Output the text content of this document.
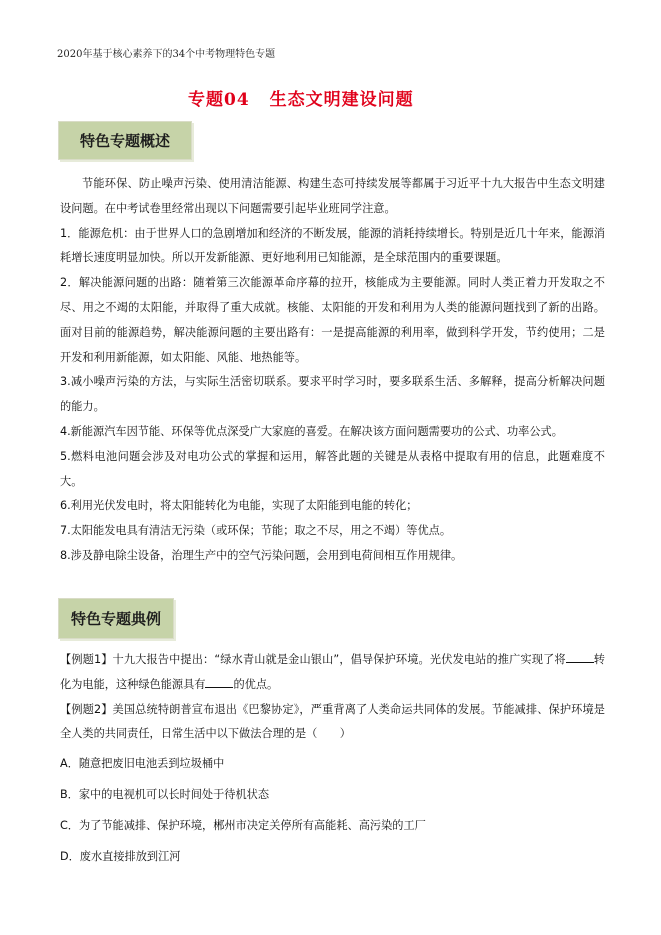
2020年基于核心素养下的34个中考物理特色专题
专题04 生态文明建设问题
特色专题概述

节能环保、防止噪声污染、使用清洁能源、构建生态可持续发展等都属于习近平十九大报告中生态文明建设问题。在中考试卷里经常出现以下问题需要引起毕业班同学注意。

1．能源危机：由于世界人口的急剧增加和经济的不断发展，能源的消耗持续增长。特别是近几十年来，能源消耗增长速度明显加快。所以开发新能源、更好地利用已知能源，是全球范围内的重要课题。

2．解决能源问题的出路：随着第三次能源革命序幕的拉开，核能成为主要能源。同时人类正着力开发取之不尽、用之不竭的太阳能，并取得了重大成就。核能、太阳能的开发和利用为人类的能源问题找到了新的出路。面对目前的能源趋势，解决能源问题的主要出路有：一是提高能源的利用率，做到科学开发，节约使用；二是开发和利用新能源，如太阳能、风能、地热能等。

3.减小噪声污染的方法，与实际生活密切联系。要求平时学习时，要多联系生活、多解释，提高分析解决问题的能力。

4.新能源汽车因节能、环保等优点深受广大家庭的喜爱。在解决该方面问题需要功的公式、功率公式。

5.燃料电池问题会涉及对电功公式的掌握和运用，解答此题的关键是从表格中提取有用的信息，此题难度不大。

6.利用光伏发电时，将太阳能转化为电能，实现了太阳能到电能的转化；

7.太阳能发电具有清洁无污染（或环保；节能；取之不尽，用之不竭）等优点。

8.涉及静电除尘设备，治理生产中的空气污染问题，会用到电荷间相互作用规律。

特色专题典例

【例题1】十九大报告中提出：“绿水青山就是金山银山”，倡导保护环境。光伏发电站的推广实现了将	转化为电能，这种绿色能源具有	的优点。

【例题2】美国总统特朗普宣布退出《巴黎协定》，严重背离了人类命运共同体的发展。节能减排、保护环境是全人类的共同责任，日常生活中以下做法合理的是（　　）

A．随意把废旧电池丢到垃圾桶中

B．家中的电视机可以长时间处于待机状态

C．为了节能减排、保护环境，郴州市决定关停所有高能耗、高污染的工厂

D．废水直接排放到江河
